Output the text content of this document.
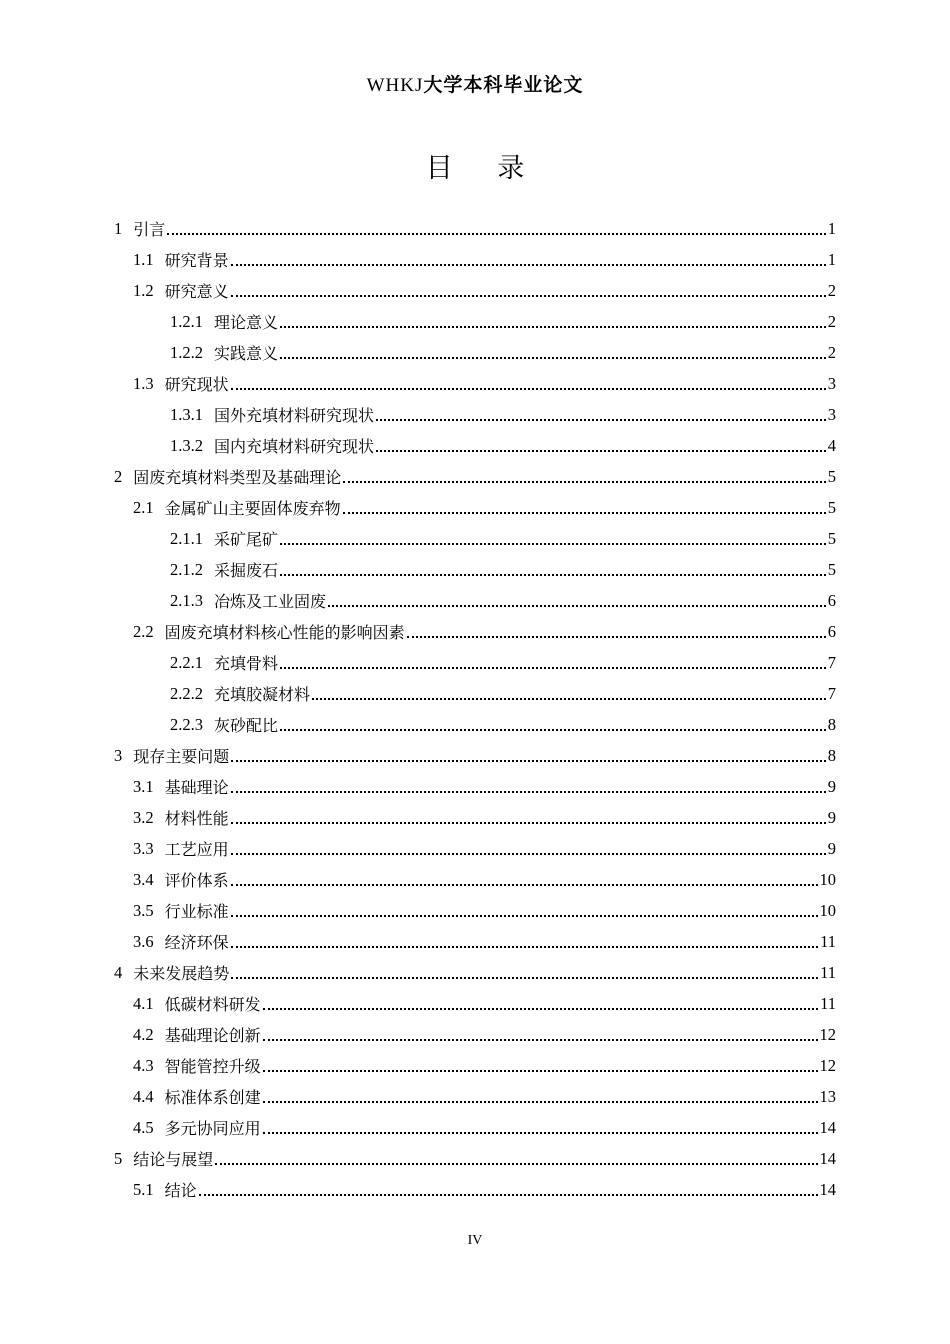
WHKJ大学本科毕业论文
目 录
1 引言	1
1.1 研究背景	1
1.2 研究意义	2
1.2.1 理论意义	2
1.2.2 实践意义	2
1.3 研究现状	3
1.3.1 国外充填材料研究现状	3
1.3.2 国内充填材料研究现状	4
2 固废充填材料类型及基础理论	5
2.1 金属矿山主要固体废弃物	5
2.1.1 采矿尾矿	5
2.1.2 采掘废石	5
2.1.3 冶炼及工业固废	6
2.2 固废充填材料核心性能的影响因素	6
2.2.1 充填骨料	7
2.2.2 充填胶凝材料	7
2.2.3 灰砂配比	8
3 现存主要问题	8
3.1 基础理论	9
3.2 材料性能	9
3.3 工艺应用	9
3.4 评价体系	10
3.5 行业标准	10
3.6 经济环保	11
4 未来发展趋势	11
4.1 低碳材料研发	11
4.2 基础理论创新	12
4.3 智能管控升级	12
4.4 标准体系创建	13
4.5 多元协同应用	14
5 结论与展望	14
5.1 结论	14
IV
